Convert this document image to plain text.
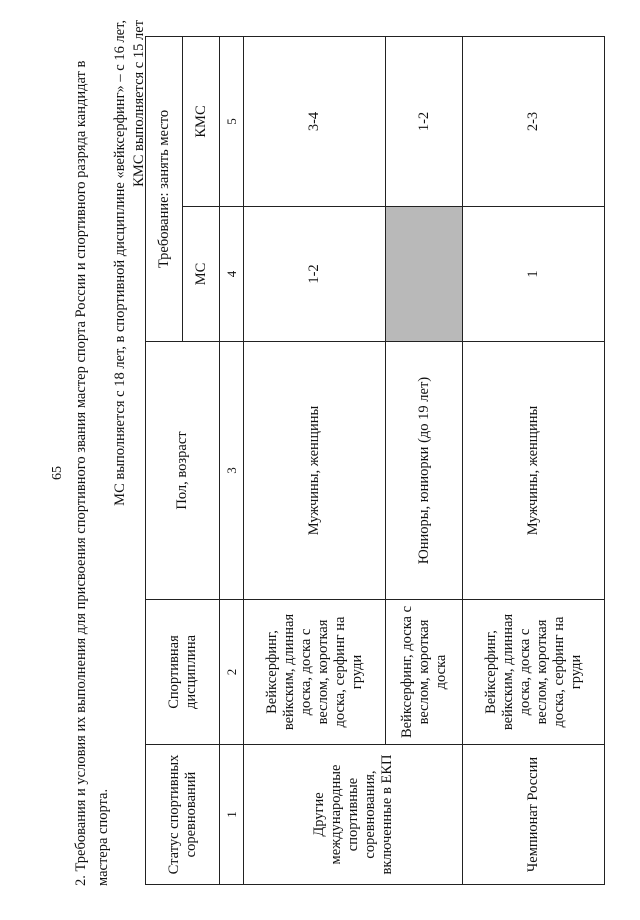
65 2. Требования и условия их выполнения для присвоения спортивного звания мастер спорта России и спортивного разряда кандидат в мастера спорта.
МС выполняется с 18 лет, в спортивной дисциплине «вейксерфинг» – с 16 лет, КМС выполняется с 15 лет
Статус спортивных соревнований	Спортивная дисциплина	Пол, возраст	Требование: занять место	
			МС	КМС
1	2	3	4	5
Другие международные спортивные соревнования, включенные в ЕКП	Вейксерфинг, вейкским, длинная доска, доска с веслом, короткая доска, серфинг на груди	Мужчины, женщины	1-2	3-4
	Вейксерфинг, доска с веслом, короткая доска	Юниоры, юниорки (до 19 лет)		1-2
Чемпионат России	Вейксерфинг, вейкским, длинная доска, доска с веслом, короткая доска, серфинг на груди	Мужчины, женщины	1	2-3
